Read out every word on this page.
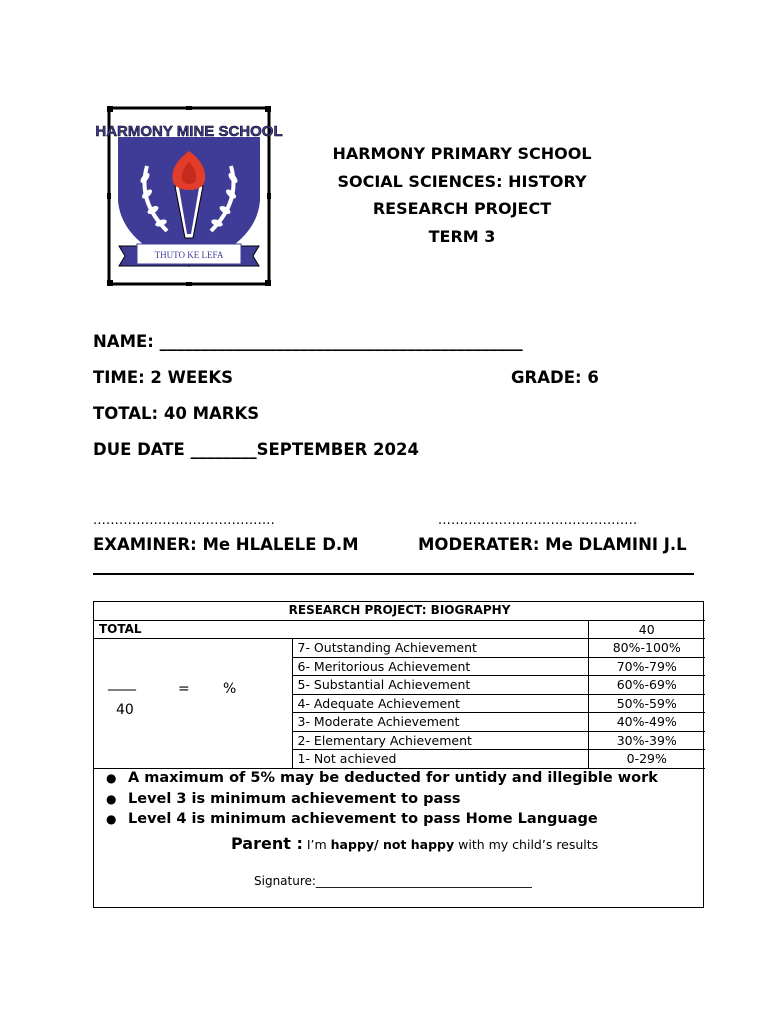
HARMONY MINE SCHOOL
THUTO KE LEFA
HARMONY PRIMARY SCHOOL
SOCIAL SCIENCES: HISTORY
RESEARCH PROJECT
TERM 3
NAME: ____________________________________________
TIME: 2 WEEKS	GRADE: 6
TOTAL: 40 MARKS
DUE DATE ________SEPTEMBER 2024
..........................................	..............................................
EXAMINER: Me HLALELE D.M	MODERATER: Me DLAMINI J.L
RESEARCH PROJECT: BIOGRAPHY		
TOTAL		40

____ = %
40	7- Outstanding Achievement	80%-100%
	6- Meritorious Achievement	70%-79%
	5- Substantial Achievement	60%-69%
	4- Adequate Achievement	50%-59%
	3- Moderate Achievement	40%-49%
	2- Elementary Achievement	30%-39%
	1- Not achieved	0-29%
● A maximum of 5% may be deducted for untidy and illegible work
● Level 3 is minimum achievement to pass
● Level 4 is minimum achievement to pass Home Language
Parent : I’m happy/ not happy with my child’s results
Signature:____________________________________
